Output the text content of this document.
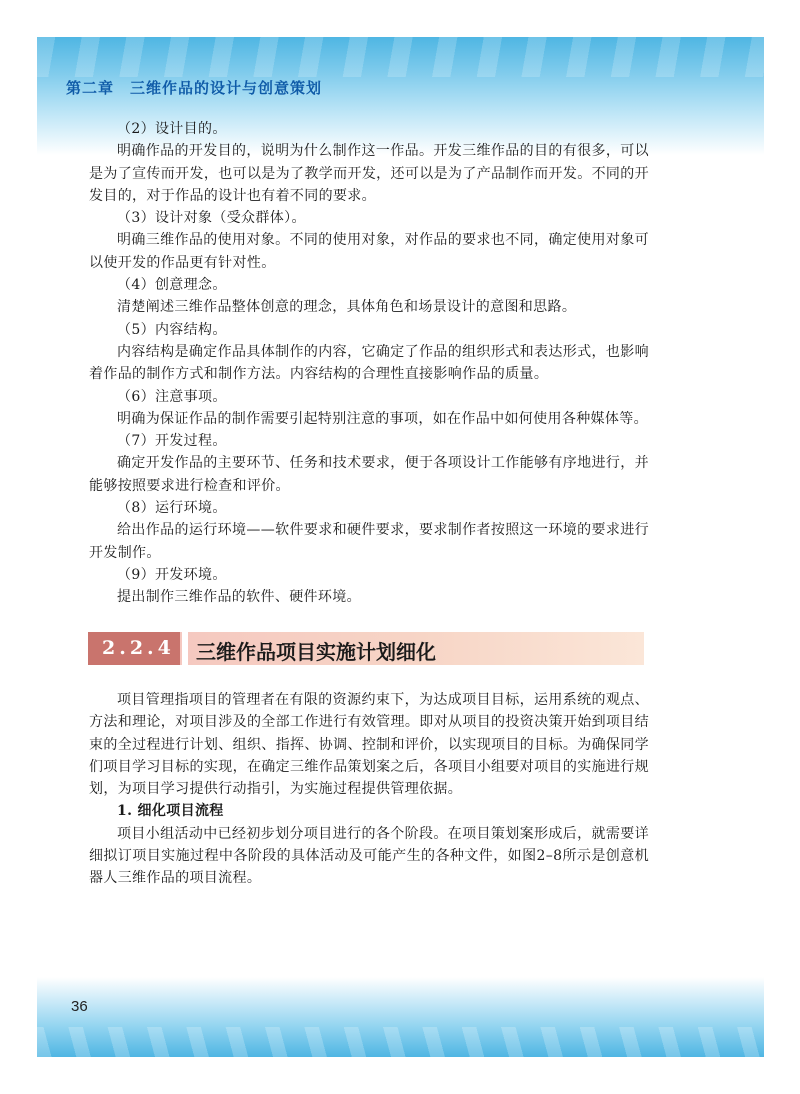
第二章　三维作品的设计与创意策划
36

（2）设计目的。

明确作品的开发目的，说明为什么制作这一作品。开发三维作品的目的有很多，可以是为了宣传而开发，也可以是为了教学而开发，还可以是为了产品制作而开发。不同的开发目的，对于作品的设计也有着不同的要求。

（3）设计对象（受众群体）。

明确三维作品的使用对象。不同的使用对象，对作品的要求也不同，确定使用对象可以使开发的作品更有针对性。

（4）创意理念。

清楚阐述三维作品整体创意的理念，具体角色和场景设计的意图和思路。

（5）内容结构。

内容结构是确定作品具体制作的内容，它确定了作品的组织形式和表达形式，也影响着作品的制作方式和制作方法。内容结构的合理性直接影响作品的质量。

（6）注意事项。

明确为保证作品的制作需要引起特别注意的事项，如在作品中如何使用各种媒体等。

（7）开发过程。

确定开发作品的主要环节、任务和技术要求，便于各项设计工作能够有序地进行，并能够按照要求进行检查和评价。

（8）运行环境。

给出作品的运行环境——软件要求和硬件要求，要求制作者按照这一环境的要求进行开发制作。

（9）开发环境。

提出制作三维作品的软件、硬件环境。

2.2.4 三维作品项目实施计划细化

项目管理指项目的管理者在有限的资源约束下，为达成项目目标，运用系统的观点、方法和理论，对项目涉及的全部工作进行有效管理。即对从项目的投资决策开始到项目结束的全过程进行计划、组织、指挥、协调、控制和评价，以实现项目的目标。为确保同学们项目学习目标的实现，在确定三维作品策划案之后，各项目小组要对项目的实施进行规划，为项目学习提供行动指引，为实施过程提供管理依据。

1. 细化项目流程

项目小组活动中已经初步划分项目进行的各个阶段。在项目策划案形成后，就需要详细拟订项目实施过程中各阶段的具体活动及可能产生的各种文件，如图2–8所示是创意机器人三维作品的项目流程。
